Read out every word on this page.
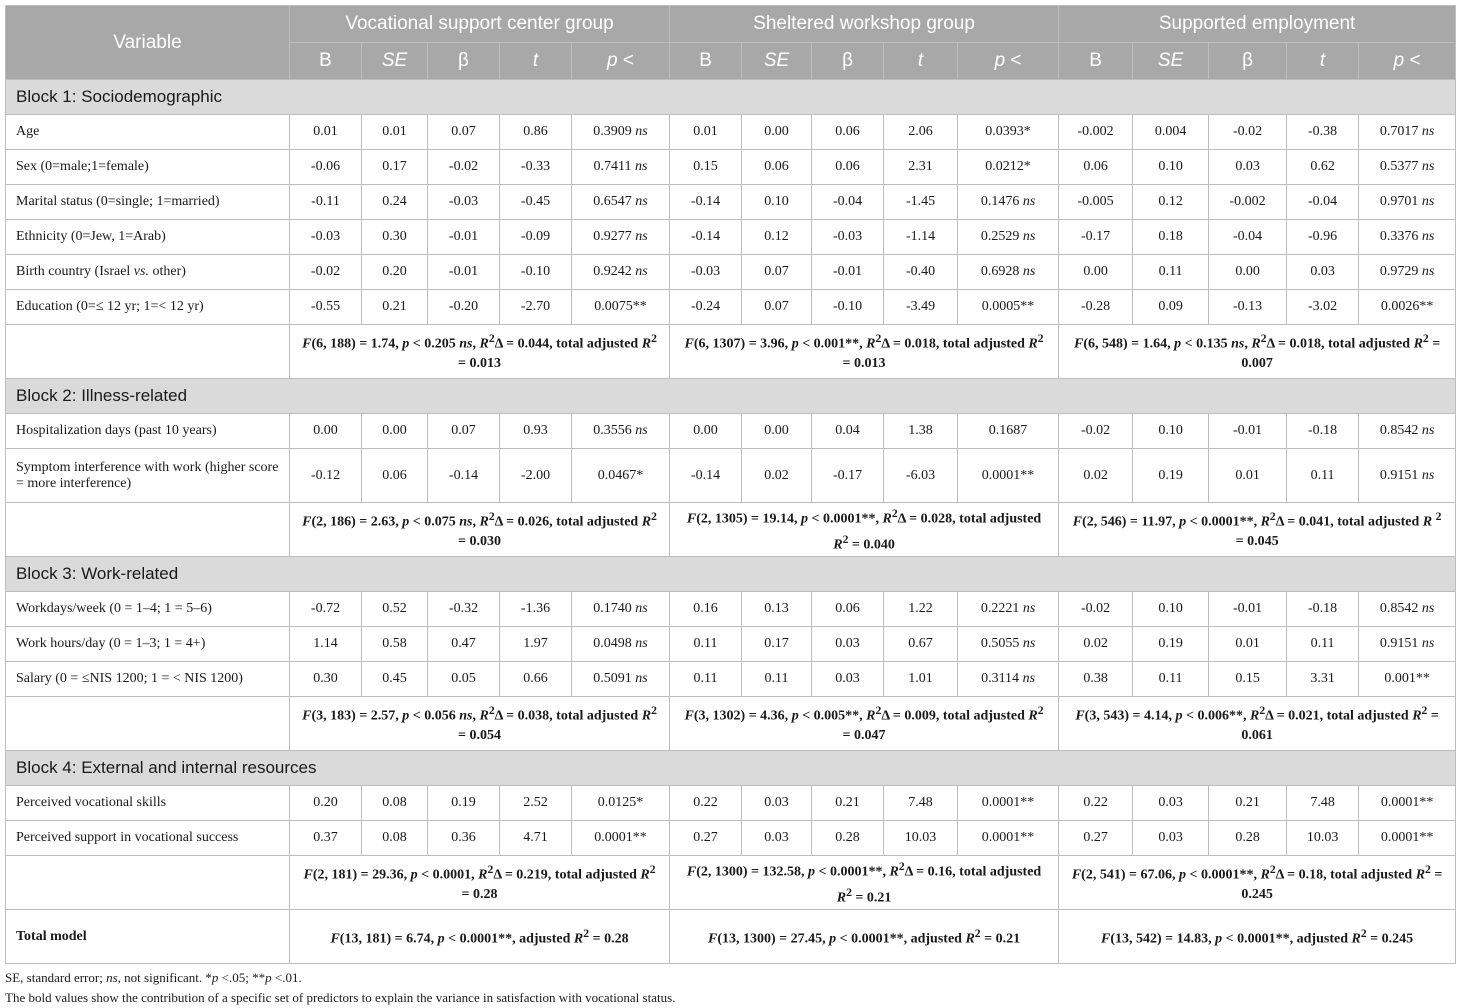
Variable	Vocational support center group					Sheltered workshop group					Supported employment				
	B	SE	β	t	p <	B	SE	β	t	p <	B	SE	β	t	p <
Block 1: Sociodemographic															
Age	0.01	0.01	0.07	0.86	0.3909 ns	0.01	0.00	0.06	2.06	0.0393*	-0.002	0.004	-0.02	-0.38	0.7017 ns
Sex (0=male;1=female)	-0.06	0.17	-0.02	-0.33	0.7411 ns	0.15	0.06	0.06	2.31	0.0212*	0.06	0.10	0.03	0.62	0.5377 ns
Marital status (0=single; 1=married)	-0.11	0.24	-0.03	-0.45	0.6547 ns	-0.14	0.10	-0.04	-1.45	0.1476 ns	-0.005	0.12	-0.002	-0.04	0.9701 ns
Ethnicity (0=Jew, 1=Arab)	-0.03	0.30	-0.01	-0.09	0.9277 ns	-0.14	0.12	-0.03	-1.14	0.2529 ns	-0.17	0.18	-0.04	-0.96	0.3376 ns
Birth country (Israel vs. other)	-0.02	0.20	-0.01	-0.10	0.9242 ns	-0.03	0.07	-0.01	-0.40	0.6928 ns	0.00	0.11	0.00	0.03	0.9729 ns
Education (0=≤ 12 yr; 1=< 12 yr)	-0.55	0.21	-0.20	-2.70	0.0075**	-0.24	0.07	-0.10	-3.49	0.0005**	-0.28	0.09	-0.13	-3.02	0.0026**
	F(6, 188) = 1.74, p < 0.205 ns, $R^2\Delta = 0.044$, total adjusted $R^2 = 0.013$					F(6, 1307) = 3.96, p < 0.001**, $R^2\Delta = 0.018$, total adjusted $R^2 = 0.013$					F(6, 548) = 1.64, p < 0.135 ns, $R^2\Delta = 0.018$, total adjusted $R^2 = 0.007$				
Block 2: Illness-related															
Hospitalization days (past 10 years)	0.00	0.00	0.07	0.93	0.3556 ns	0.00	0.00	0.04	1.38	0.1687	-0.02	0.10	-0.01	-0.18	0.8542 ns
Symptom interference with work (higher score = more interference)	-0.12	0.06	-0.14	-2.00	0.0467*	-0.14	0.02	-0.17	-6.03	0.0001**	0.02	0.19	0.01	0.11	0.9151 ns
	F(2, 186) = 2.63, p < 0.075 ns, $R^2\Delta = 0.026$, total adjusted $R^2 = 0.030$					F(2, 1305) = 19.14, p < 0.0001**, $R^2\Delta = 0.028$, total adjusted $R^2 = 0.040$					F(2, 546) = 11.97, p < 0.0001**, $R^2\Delta = 0.041$, total adjusted R $^2$ = 0.045				
Block 3: Work-related															
Workdays/week (0 = 1–4; 1 = 5–6)	-0.72	0.52	-0.32	-1.36	0.1740 ns	0.16	0.13	0.06	1.22	0.2221 ns	-0.02	0.10	-0.01	-0.18	0.8542 ns
Work hours/day (0 = 1–3; 1 = 4+)	1.14	0.58	0.47	1.97	0.0498 ns	0.11	0.17	0.03	0.67	0.5055 ns	0.02	0.19	0.01	0.11	0.9151 ns
Salary (0 = ≤NIS 1200; 1 = < NIS 1200)	0.30	0.45	0.05	0.66	0.5091 ns	0.11	0.11	0.03	1.01	0.3114 ns	0.38	0.11	0.15	3.31	0.001**
	F(3, 183) = 2.57, p < 0.056 ns, $R^2\Delta = 0.038$, total adjusted $R^2 = 0.054$					F(3, 1302) = 4.36, p < 0.005**, $R^2\Delta = 0.009$, total adjusted $R^2 = 0.047$					F(3, 543) = 4.14, p < 0.006**, $R^2\Delta = 0.021$, total adjusted $R^2 = 0.061$				
Block 4: External and internal resources															
Perceived vocational skills	0.20	0.08	0.19	2.52	0.0125*	0.22	0.03	0.21	7.48	0.0001**	0.22	0.03	0.21	7.48	0.0001**
Perceived support in vocational success	0.37	0.08	0.36	4.71	0.0001**	0.27	0.03	0.28	10.03	0.0001**	0.27	0.03	0.28	10.03	0.0001**
	F(2, 181) = 29.36, p < 0.0001, $R^2\Delta = 0.219$, total adjusted $R^2 = 0.28$					F(2, 1300) = 132.58, p < 0.0001**, $R^2\Delta = 0.16$, total adjusted $R^2 = 0.21$					F(2, 541) = 67.06, p < 0.0001**, $R^2\Delta = 0.18$, total adjusted $R^2 = 0.245$				
Total model	F(13, 181) = 6.74, p < 0.0001**, adjusted $R^2 = 0.28$					F(13, 1300) = 27.45, p < 0.0001**, adjusted $R^2 = 0.21$					F(13, 542) = 14.83, p < 0.0001**, adjusted $R^2 = 0.245$				
SE, standard error; ns, not significant. *p <.05; **p <.01.
The bold values show the contribution of a specific set of predictors to explain the variance in satisfaction with vocational status.
